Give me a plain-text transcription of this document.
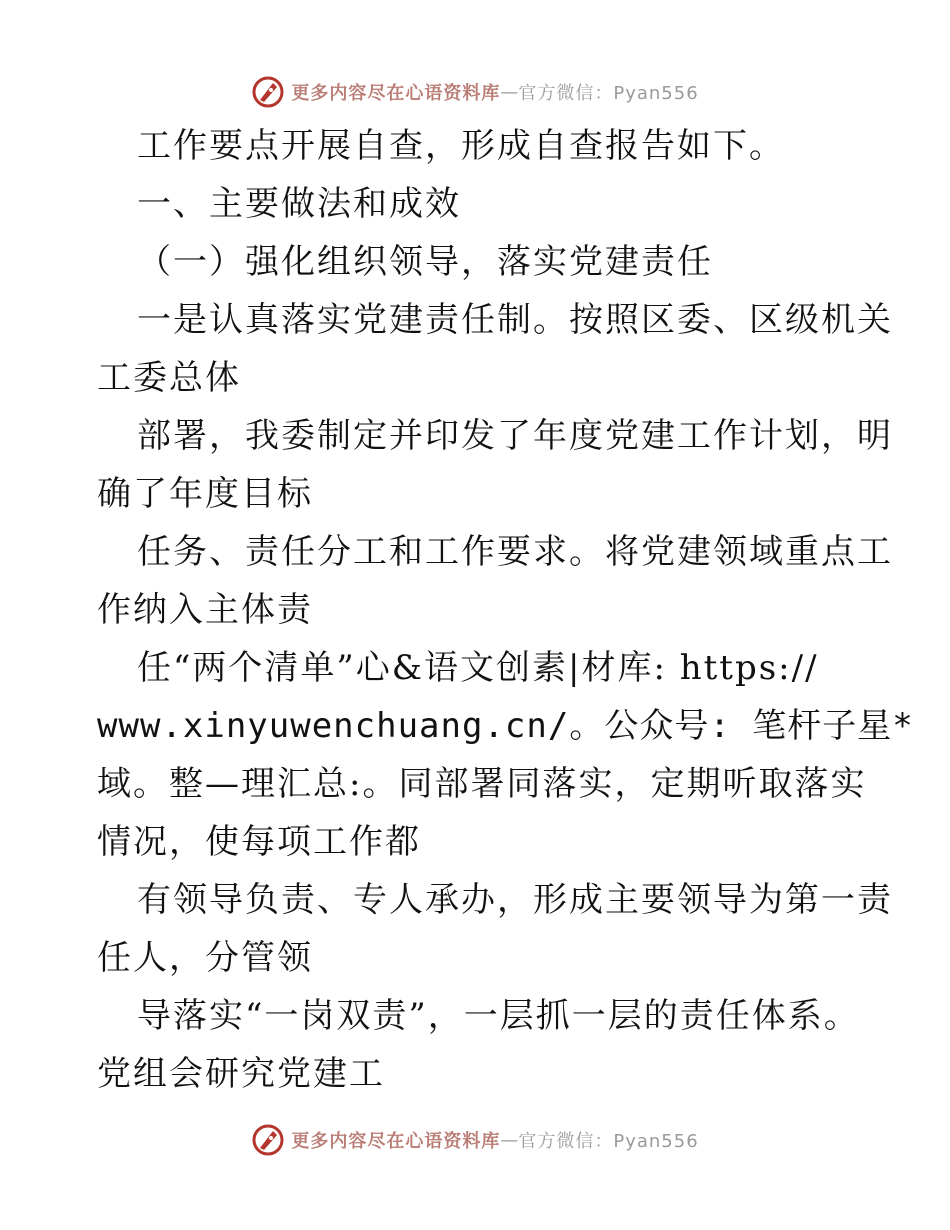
更多内容尽在心语资料库 — 官方微信：Pyan556
工作要点开展自查，形成自查报告如下。
一、主要做法和成效
（一）强化组织领导，落实党建责任
一是认真落实党建责任制。按照区委、区级机关
工委总体
部署，我委制定并印发了年度党建工作计划，明
确了年度目标
任务、责任分工和工作要求。将党建领域重点工
作纳入主体责
任“两个清单”心&语文创素|材库: https://
www.xinyuwenchuang.cn/。公众号: 笔杆子星*
域。整—理汇总:。同部署同落实，定期听取落实
情况，使每项工作都
有领导负责、专人承办，形成主要领导为第一责
任人，分管领
导落实“一岗双责”，一层抓一层的责任体系。
党组会研究党建工
更多内容尽在心语资料库 — 官方微信：Pyan556
